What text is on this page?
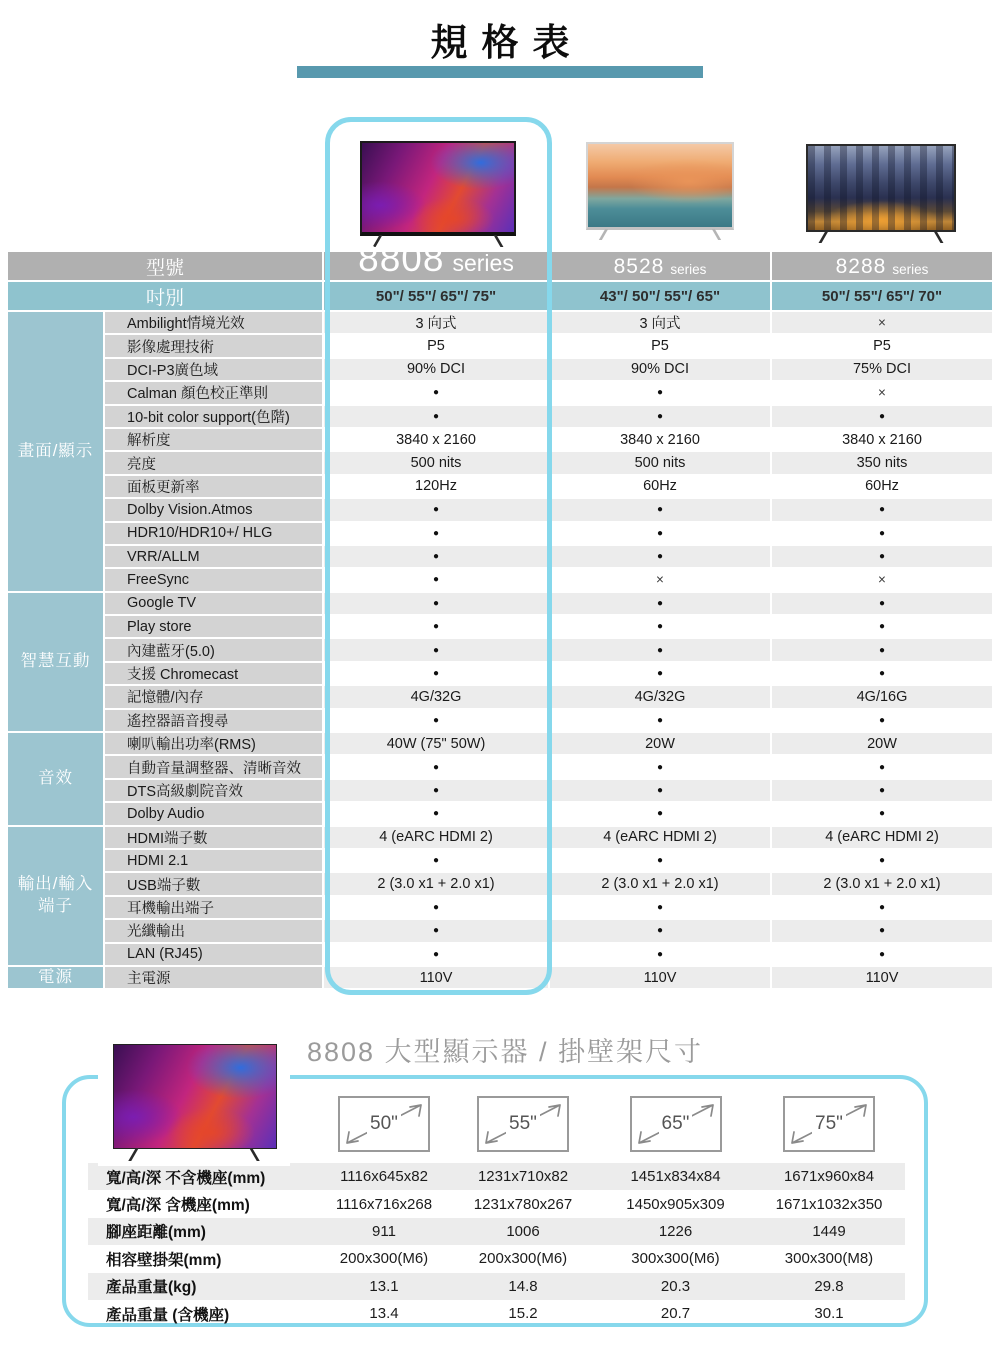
規格表
型號	8808 series	8528 series	8288 series
吋別	50"/ 55"/ 65"/ 75"	43"/ 50"/ 55"/ 65"	50"/ 55"/ 65"/ 70"
畫面/顯示
Ambilight情境光效	3 向式	3 向式	×
影像處理技術	P5	P5	P5
DCI-P3廣色域	90% DCI	90% DCI	75% DCI
Calman 顏色校正準則	●	●	×
10-bit color support(色階)	●	●	●
解析度	3840 x 2160	3840 x 2160	3840 x 2160
亮度	500 nits	500 nits	350 nits
面板更新率	120Hz	60Hz	60Hz
Dolby Vision.Atmos	●	●	●
HDR10/HDR10+/ HLG	●	●	●
VRR/ALLM	●	●	●
FreeSync	●	×	×
智慧互動
Google TV	●	●	●
Play store	●	●	●
內建藍牙(5.0)	●	●	●
支援 Chromecast	●	●	●
記憶體/內存	4G/32G	4G/32G	4G/16G
遙控器語音搜尋	●	●	●
音效
喇叭輸出功率(RMS)	40W (75" 50W)	20W	20W
自動音量調整器、清晰音效	●	●	●
DTS高級劇院音效	●	●	●
Dolby Audio	●	●	●
輸出/輸入
端子
HDMI端子數	4 (eARC HDMI 2)	4 (eARC HDMI 2)	4 (eARC HDMI 2)
HDMI 2.1	●	●	●
USB端子數	2 (3.0 x1 + 2.0 x1)	2 (3.0 x1 + 2.0 x1)	2 (3.0 x1 + 2.0 x1)
耳機輸出端子	●	●	●
光纖輸出	●	●	●
LAN (RJ45)	●	●	●
電源	主電源	110V	110V	110V
8808 大型顯示器 / 掛壁架尺寸
50"	55"	65"	75"
寬/高/深 不含機座(mm)	1116x645x82	1231x710x82	1451x834x84	1671x960x84
寬/高/深 含機座(mm)	1116x716x268	1231x780x267	1450x905x309	1671x1032x350
腳座距離(mm)	911	1006	1226	1449
相容壁掛架(mm)	200x300(M6)	200x300(M6)	300x300(M6)	300x300(M8)
產品重量(kg)	13.1	14.8	20.3	29.8
產品重量 (含機座)	13.4	15.2	20.7	30.1
